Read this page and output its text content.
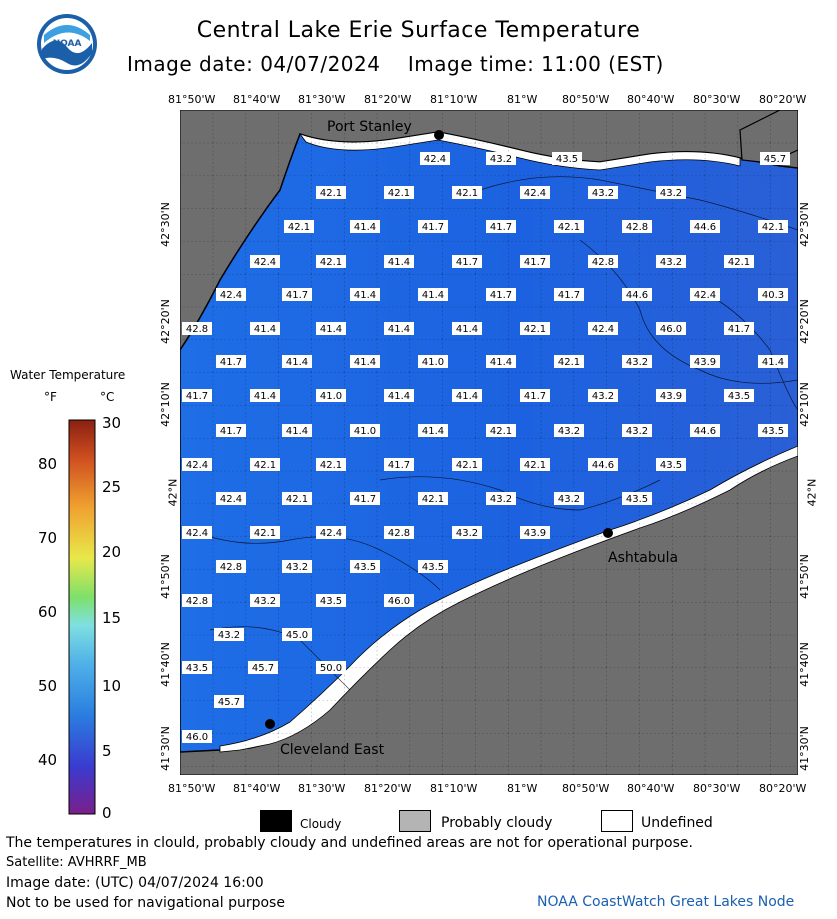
NOAA
Central Lake Erie Surface Temperature
Image date: 04/07/2024    Image time: 11:00 (EST)
81°50'W 81°40'W 81°30'W 81°20'W 81°10'W	81°W 80°50'W 80°40'W 80°30'W 80°20'W
81°50'W 81°40'W 81°30'W 81°20'W 81°10'W	81°W 80°50'W 80°40'W 80°30'W 80°20'W
Port Stanley
Ashtabula
Cleveland East
42.4	43.2	43.5	45.7
42.1	42.1	42.1	42.4	43.2	43.2
42.1	41.4	41.7	41.7	42.1	42.8	44.6	42.1
42.4	42.1	41.4	41.7	41.7	42.8	43.2	42.1
42.4	41.7	41.4	41.4	41.7	41.7	44.6	42.4	40.3
42.8	41.4	41.4	41.4	41.4	42.1	42.4	46.0	41.7
41.7	41.4	41.4	41.0	41.4	42.1	43.2	43.9	41.4
41.7	41.4	41.0	41.4	41.4	41.7	43.2	43.9	43.5
41.7	41.4	41.0	41.4	42.1	43.2	43.2	44.6	43.5
42.4	42.1	42.1	41.7	42.1	42.1	44.6	43.5
42.4	42.1	41.7	42.1	43.2	43.2	43.5
42.4	42.1	42.4	42.8	43.2	43.9
42.8	43.2	43.5	43.5
42.8	43.2	43.5	46.0
43.2	45.0
43.5	45.7	50.0
45.7
46.0
42°30'N
42°20'N
42°10'N
42°N
41°50'N
41°40'N
41°30'N
42°30'N
42°20'N
42°10'N
42°N
41°50'N
41°40'N
41°30'N
Water Temperature
°F	°C
80
70
60
50
40
30
25
20
15
10
5
0
Cloudy	Probably cloudy	Undefined
The temperatures in clould, probably cloudy and undefined areas are not for operational purpose.
Satellite: AVHRRF_MB
Image date: (UTC) 04/07/2024 16:00
Not to be used for navigational purpose	NOAA CoastWatch Great Lakes Node
